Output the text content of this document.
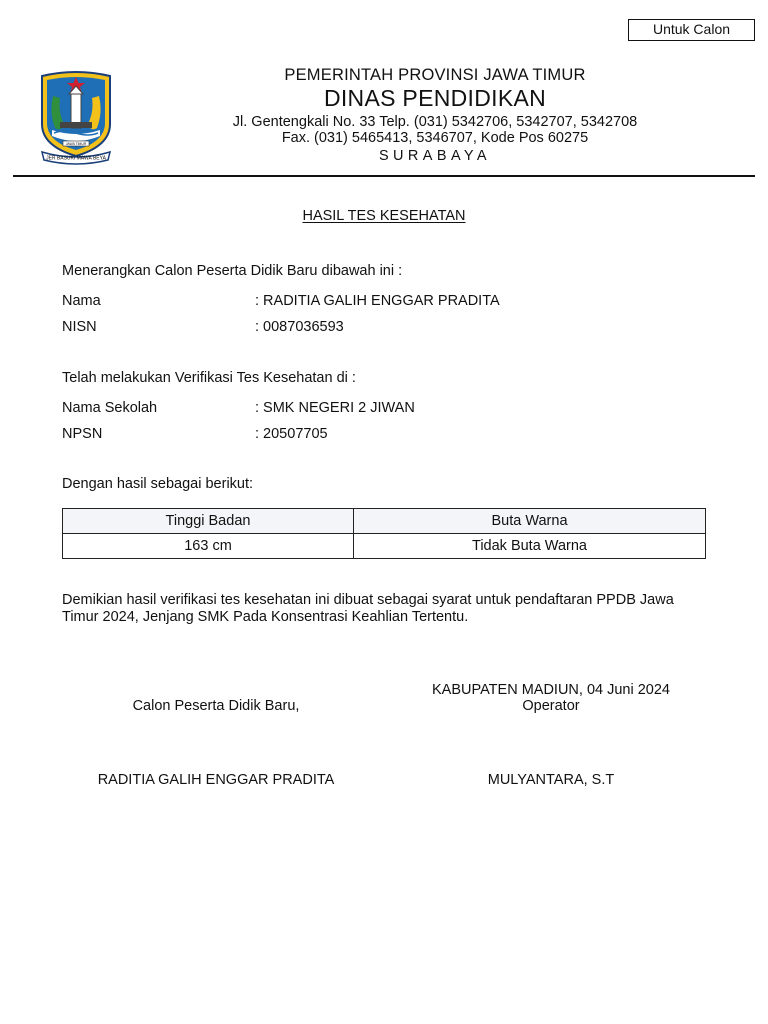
Untuk Calon
JAWA TIMUR
JER BASUKI MAWA BEYA
PEMERINTAH PROVINSI JAWA TIMUR
DINAS PENDIDIKAN
Jl. Gentengkali No. 33 Telp. (031) 5342706, 5342707, 5342708
Fax. (031) 5465413, 5346707, Kode Pos 60275
SURABAYA
HASIL TES KESEHATAN
Menerangkan Calon Peserta Didik Baru dibawah ini :
Nama	: RADITIA GALIH ENGGAR PRADITA
NISN	: 0087036593
Telah melakukan Verifikasi Tes Kesehatan di :
Nama Sekolah	: SMK NEGERI 2 JIWAN
NPSN	: 20507705
Dengan hasil sebagai berikut:
Tinggi Badan	Buta Warna
163 cm	Tidak Buta Warna
Demikian hasil verifikasi tes kesehatan ini dibuat sebagai syarat untuk pendaftaran PPDB Jawa Timur 2024, Jenjang SMK Pada Konsentrasi Keahlian Tertentu.
KABUPATEN MADIUN, 04 Juni 2024
Calon Peserta Didik Baru,	Operator
RADITIA GALIH ENGGAR PRADITA	MULYANTARA, S.T
